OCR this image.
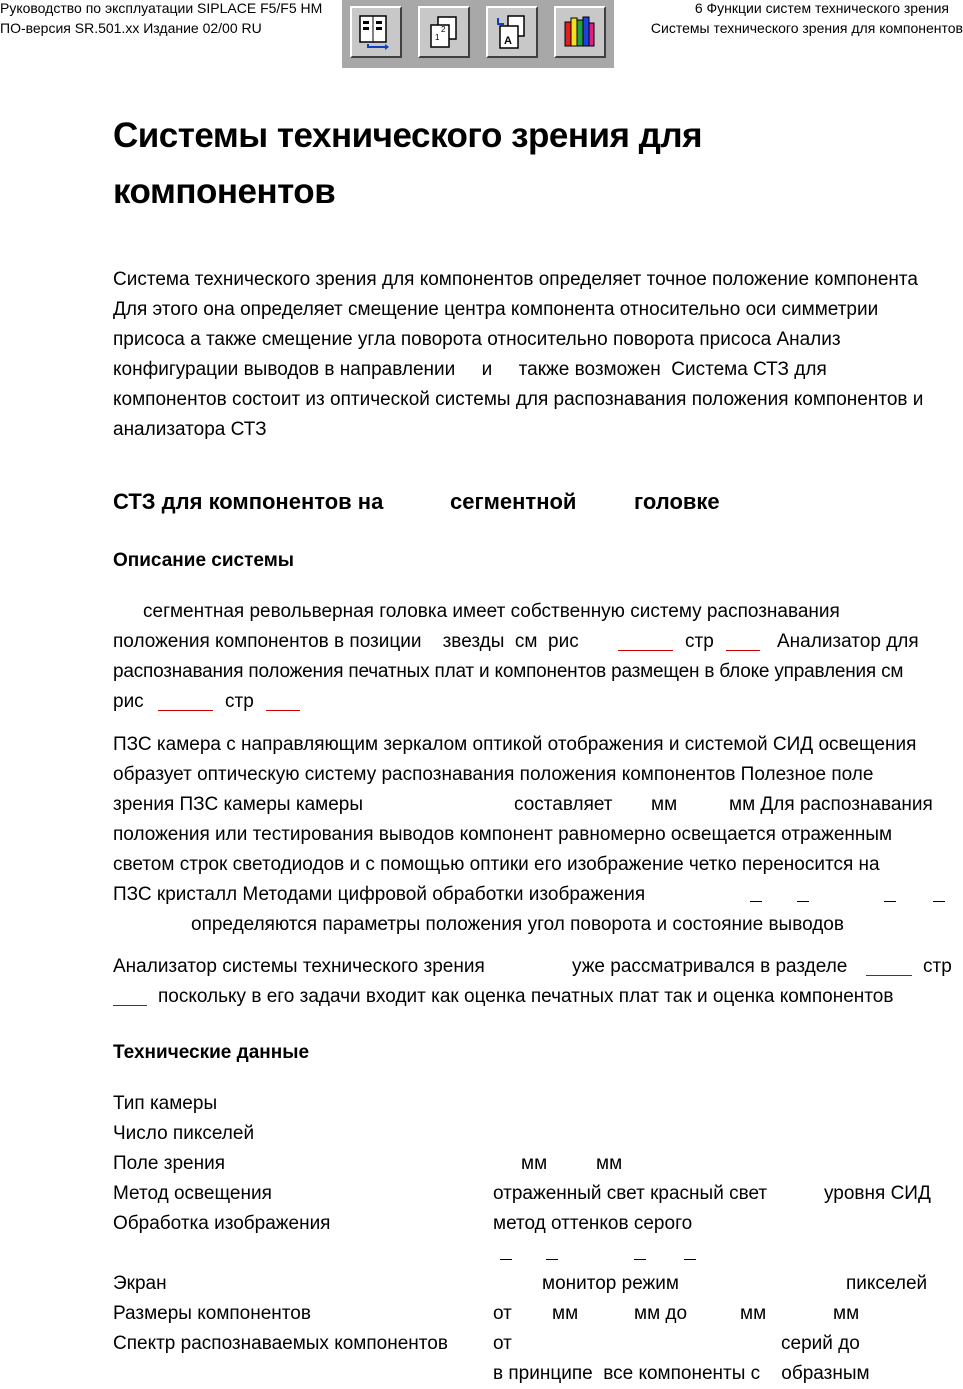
Руководство по эксплуатации SIPLACE F5/F5 HM
ПО-версия SR.501.xx Издание 02/00 RU
6 Функции систем технического зрения
Системы технического зрения для компонентов
2
1	A
Системы технического зрения для
компонентов
Система технического зрения для компонентов определяет точное положение компонента
Для этого она определяет смещение центра компонента относительно оси симметрии
присоса а также смещение угла поворота относительно поворота присоса Анализ
конфигурации выводов в направлении     и     также возможен  Система СТЗ для
компонентов состоит из оптической системы для распознавания положения компонентов и
анализатора СТЗ
СТЗ для компонентов на	сегментной	головке
Описание системы
сегментная револьверная головка имеет собственную систему распознавания
положения компонентов в позиции    звезды  см  рис	стр	Анализатор для
распознавания положения печатных плат и компонентов размещен в блоке управления см
рис	стр
ПЗС камера с направляющим зеркалом оптикой отображения и системой СИД освещения
образует оптическую систему распознавания положения компонентов Полезное поле
зрения ПЗС камеры камеры	составляет мм	мм Для распознавания
положения или тестирования выводов компонент равномерно освещается отраженным
светом строк светодиодов и с помощью оптики его изображение четко переносится на
ПЗС кристалл Методами цифровой обработки изображения
определяются параметры положения угол поворота и состояние выводов
Анализатор системы технического зрения	уже рассматривался в разделе	стр
поскольку в его задачи входит как оценка печатных плат так и оценка компонентов
Технические данные
Тип камеры
Число пикселей
Поле зрения	мм	мм
Метод освещения	отраженный свет красный свет	уровня СИД
Обработка изображения	метод оттенков серого
Экран	монитор режим	пикселей
Размеры компонентов	от мм	мм до	мм	мм
Спектр распознаваемых компонентов от	серий до
в принципе  все компоненты с    образным
